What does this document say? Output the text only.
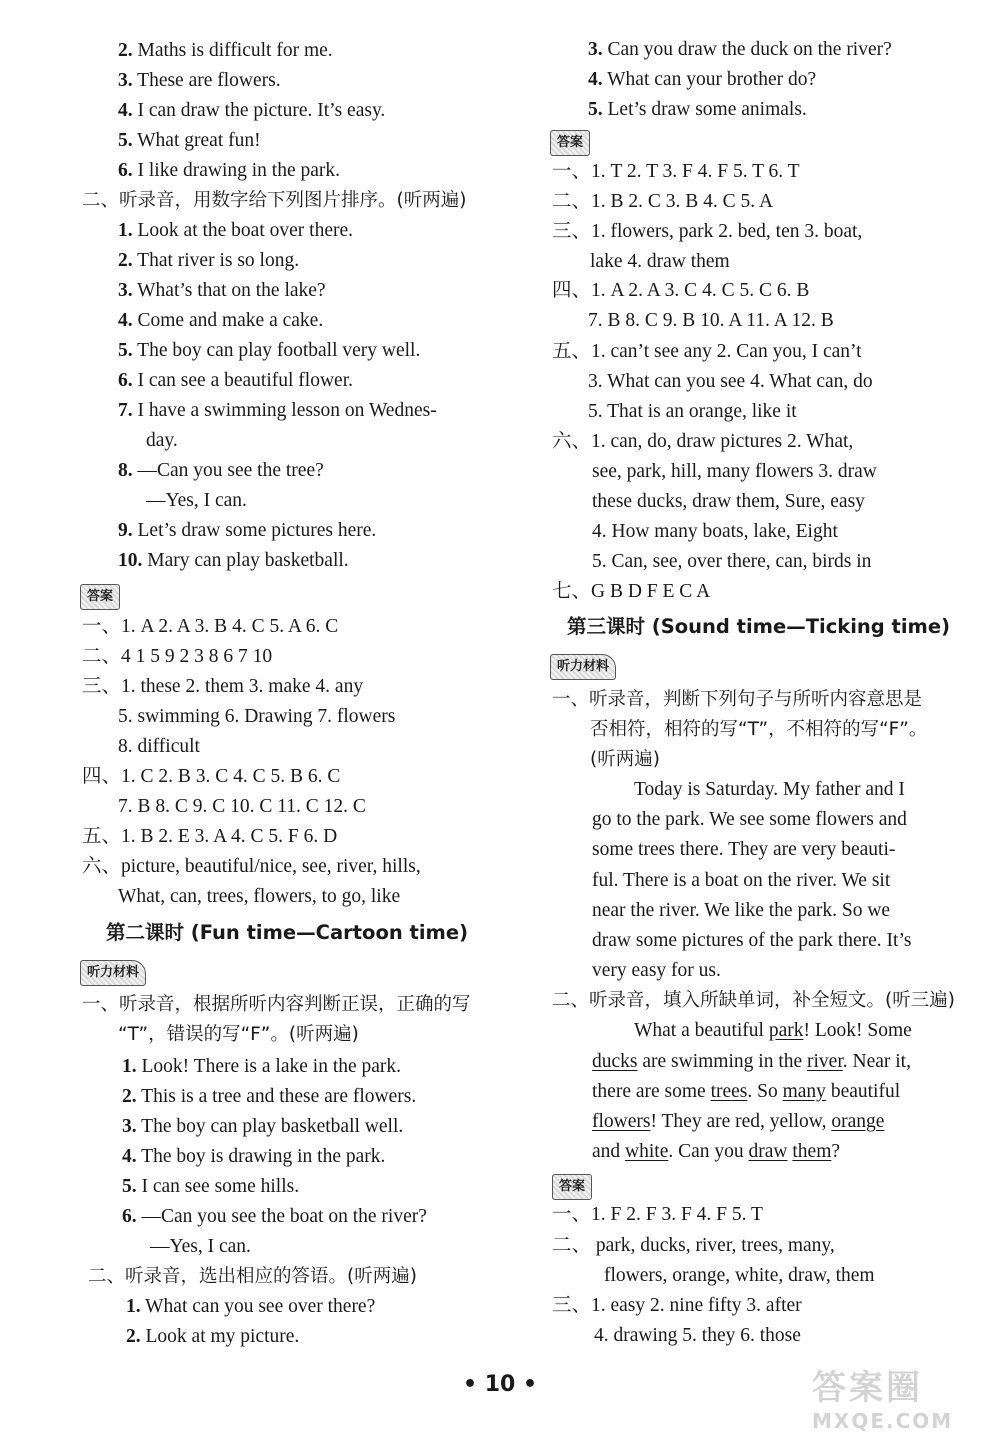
2. Maths is difficult for me.
3. These are flowers.
4. I can draw the picture. It’s easy.
5. What great fun!
6. I like drawing in the park.
二、听录音，用数字给下列图片排序。(听两遍)
1. Look at the boat over there.
2. That river is so long.
3. What’s that on the lake?
4. Come and make a cake.
5. The boy can play football very well.
6. I can see a beautiful flower.
7. I have a swimming lesson on Wednes-
day.
8. —Can you see the tree?
—Yes, I can.
9. Let’s draw some pictures here.
10. Mary can play basketball.
答案
一、1. A 2. A 3. B 4. C 5. A 6. C
二、4 1 5 9 2 3 8 6 7 10
三、1. these 2. them 3. make 4. any
5. swimming 6. Drawing 7. flowers
8. difficult
四、1. C 2. B 3. C 4. C 5. B 6. C
7. B 8. C 9. C 10. C 11. C 12. C
五、1. B 2. E 3. A 4. C 5. F 6. D
六、picture, beautiful/nice, see, river, hills,
What, can, trees, flowers, to go, like
第二课时 (Fun time—Cartoon time)
听力材料
一、听录音，根据所听内容判断正误，正确的写
“T”，错误的写“F”。(听两遍)
1. Look! There is a lake in the park.
2. This is a tree and these are flowers.
3. The boy can play basketball well.
4. The boy is drawing in the park.
5. I can see some hills.
6. —Can you see the boat on the river?
—Yes, I can.
二、听录音，选出相应的答语。(听两遍)
1. What can you see over there?
2. Look at my picture.
3. Can you draw the duck on the river?
4. What can your brother do?
5. Let’s draw some animals.
答案
一、1. T 2. T 3. F 4. F 5. T 6. T
二、1. B 2. C 3. B 4. C 5. A
三、1. flowers, park 2. bed, ten 3. boat,
lake 4. draw them
四、1. A 2. A 3. C 4. C 5. C 6. B
7. B 8. C 9. B 10. A 11. A 12. B
五、1. can’t see any 2. Can you, I can’t
3. What can you see 4. What can, do
5. That is an orange, like it
六、1. can, do, draw pictures 2. What,
see, park, hill, many flowers 3. draw
these ducks, draw them, Sure, easy
4. How many boats, lake, Eight
5. Can, see, over there, can, birds in
七、G B D F E C A
第三课时 (Sound time—Ticking time)
听力材料
一、听录音，判断下列句子与所听内容意思是
否相符，相符的写“T”，不相符的写“F”。
(听两遍)
Today is Saturday. My father and I
go to the park. We see some flowers and
some trees there. They are very beauti-
ful. There is a boat on the river. We sit
near the river. We like the park. So we
draw some pictures of the park there. It’s
very easy for us.
二、听录音，填入所缺单词，补全短文。(听三遍)
What a beautiful park! Look! Some
ducks are swimming in the river. Near it,
there are some trees. So many beautiful
flowers! They are red, yellow, orange
and white. Can you draw them?
答案
一、1. F 2. F 3. F 4. F 5. T
二、 park, ducks, river, trees, many,
flowers, orange, white, draw, them
三、1. easy 2. nine fifty 3. after
4. drawing 5. they 6. those
• 10 •	答案圈
MXQE.COM
